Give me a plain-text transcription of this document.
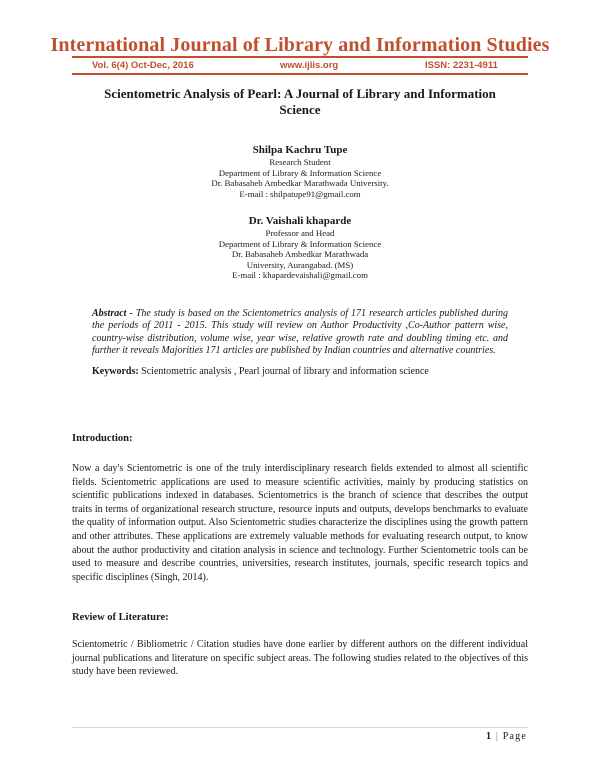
International Journal of Library and Information Studies
Vol. 6(4) Oct-Dec, 2016	www.ijlis.org	ISSN: 2231-4911
Scientometric Analysis of Pearl: A Journal of Library and Information Science
Shilpa Kachru Tupe
Research Student
Department of Library & Information Science
Dr. Babasaheb Ambedkar Marathwada University.
E-mail : shilpatupe91@gmail.com
Dr. Vaishali khaparde
Professor and Head
Department of Library & Information Science
Dr. Babasaheb Ambedkar Marathwada
University, Aurangabad. (MS)
E-mail : khapardevaishali@gmail.com
Abstract - The study is based on the Scientometrics analysis of 171 research articles published during the periods of 2011 - 2015. This study will review on Author Productivity ,Co-Author pattern wise, country-wise distribution, volume wise, year wise, relative growth rate and doubling timing etc. and further it reveals Majorities 171 articles are published by Indian countries and alternative countries.
Keywords: Scientometric analysis , Pearl journal of library and information science
Introduction:
Now a day's Scientometric is one of the truly interdisciplinary research fields extended to almost all scientific fields. Scientometric applications are used to measure scientific activities, mainly by producing statistics on scientific publications indexed in databases. Scientometrics is the branch of science that describes the output traits in terms of organizational research structure, resource inputs and outputs, develops benchmarks to evaluate the quality of information output. Also Scientometric studies characterize the disciplines using the growth pattern and other attributes. These applications are extremely valuable methods for evaluating research output, to know about the author productivity and citation analysis in science and technology. Further Scientometric tools can be used to measure and describe countries, universities, research institutes, journals, specific research topics and specific disciplines (Singh, 2014).
Review of Literature:
Scientometric / Bibliometric / Citation studies have done earlier by different authors on the different individual journal publications and literature on specific subject areas. The following studies related to the objectives of this study have been reviewed.
1 | Page
